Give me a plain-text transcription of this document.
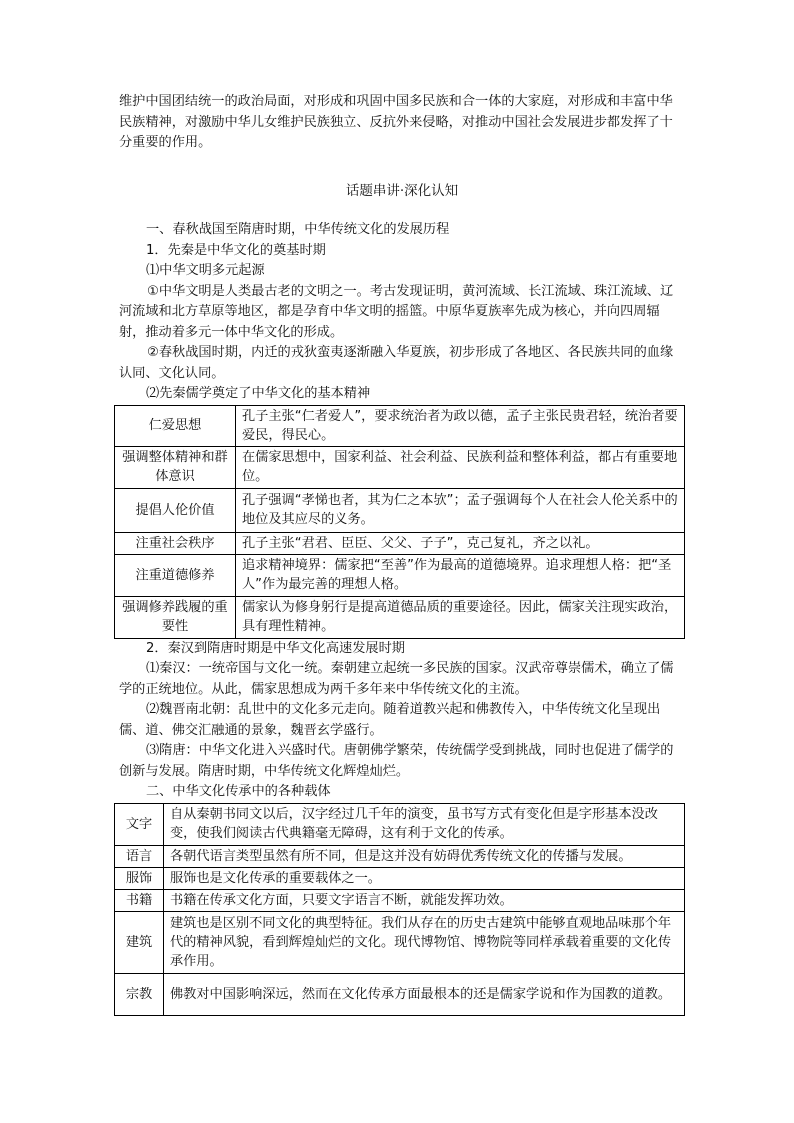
维护中国团结统一的政治局面，对形成和巩固中国多民族和合一体的大家庭，对形成和丰富中华民族精神，对激励中华儿女维护民族独立、反抗外来侵略，对推动中国社会发展进步都发挥了十分重要的作用。

话题串讲·深化认知

一、春秋战国至隋唐时期，中华传统文化的发展历程

1．先秦是中华文化的奠基时期

⑴中华文明多元起源

①中华文明是人类最古老的文明之一。考古发现证明，黄河流域、长江流域、珠江流域、辽河流域和北方草原等地区，都是孕育中华文明的摇篮。中原华夏族率先成为核心，并向四周辐射，推动着多元一体中华文化的形成。

②春秋战国时期，内迁的戎狄蛮夷逐渐融入华夏族，初步形成了各地区、各民族共同的血缘认同、文化认同。

⑵先秦儒学奠定了中华文化的基本精神

仁爱思想	孔子主张“仁者爱人”，要求统治者为政以德，孟子主张民贵君轻，统治者要爱民，得民心。
强调整体精神和群体意识	在儒家思想中，国家利益、社会利益、民族利益和整体利益，都占有重要地位。
提倡人伦价值	孔子强调“孝悌也者，其为仁之本欤”；孟子强调每个人在社会人伦关系中的地位及其应尽的义务。
注重社会秩序	孔子主张“君君、臣臣、父父、子子”，克己复礼，齐之以礼。
注重道德修养	追求精神境界：儒家把“至善”作为最高的道德境界。追求理想人格：把“圣人”作为最完善的理想人格。
强调修养践履的重要性	儒家认为修身躬行是提高道德品质的重要途径。因此，儒家关注现实政治，具有理性精神。

2．秦汉到隋唐时期是中华文化高速发展时期

⑴秦汉：一统帝国与文化一统。秦朝建立起统一多民族的国家。汉武帝尊崇儒术，确立了儒学的正统地位。从此，儒家思想成为两千多年来中华传统文化的主流。

⑵魏晋南北朝：乱世中的文化多元走向。随着道教兴起和佛教传入，中华传统文化呈现出儒、道、佛交汇融通的景象，魏晋玄学盛行。

⑶隋唐：中华文化进入兴盛时代。唐朝佛学繁荣，传统儒学受到挑战，同时也促进了儒学的创新与发展。隋唐时期，中华传统文化辉煌灿烂。

二、中华文化传承中的各种载体

文字	自从秦朝书同文以后，汉字经过几千年的演变，虽书写方式有变化但是字形基本没改变，使我们阅读古代典籍毫无障碍，这有利于文化的传承。
语言	各朝代语言类型虽然有所不同，但是这并没有妨碍优秀传统文化的传播与发展。
服饰	服饰也是文化传承的重要载体之一。
书籍	书籍在传承文化方面，只要文字语言不断，就能发挥功效。
建筑	建筑也是区别不同文化的典型特征。我们从存在的历史古建筑中能够直观地品味那个年代的精神风貌，看到辉煌灿烂的文化。现代博物馆、博物院等同样承载着重要的文化传承作用。
宗教	佛教对中国影响深远，然而在文化传承方面最根本的还是儒家学说和作为国教的道教。
